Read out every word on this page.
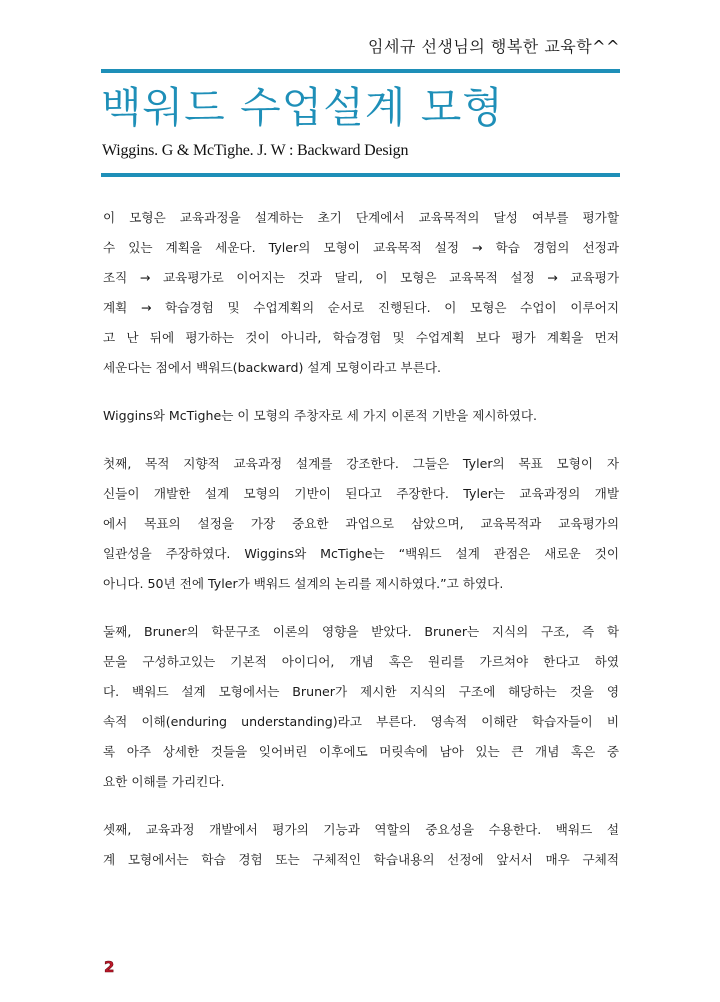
임세규 선생님의 행복한 교육학^^
백워드 수업설계 모형
Wiggins. G & McTighe. J. W : Backward Design
이 모형은 교육과정을 설계하는 초기 단계에서 교육목적의 달성 여부를 평가할
수 있는 계획을 세운다. Tyler의 모형이 교육목적 설정 → 학습 경험의 선정과
조직 → 교육평가로 이어지는 것과 달리, 이 모형은 교육목적 설정 → 교육평가
계획 → 학습경험 및 수업계획의 순서로 진행된다. 이 모형은 수업이 이루어지
고 난 뒤에 평가하는 것이 아니라, 학습경험 및 수업계획 보다 평가 계획을 먼저
세운다는 점에서 백워드(backward) 설계 모형이라고 부른다.
Wiggins와 McTighe는 이 모형의 주창자로 세 가지 이론적 기반을 제시하였다.
첫째, 목적 지향적 교육과정 설계를 강조한다. 그들은 Tyler의 목표 모형이 자
신들이 개발한 설계 모형의 기반이 된다고 주장한다. Tyler는 교육과정의 개발
에서 목표의 설정을 가장 중요한 과업으로 삼았으며, 교육목적과 교육평가의
일관성을 주장하였다. Wiggins와 McTighe는 “백워드 설계 관점은 새로운 것이
아니다. 50년 전에 Tyler가 백워드 설계의 논리를 제시하였다.”고 하였다.
둘째, Bruner의 학문구조 이론의 영향을 받았다. Bruner는 지식의 구조, 즉 학
문을 구성하고있는 기본적 아이디어, 개념 혹은 원리를 가르쳐야 한다고 하였
다. 백워드 설계 모형에서는 Bruner가 제시한 지식의 구조에 해당하는 것을 영
속적 이해(enduring understanding)라고 부른다. 영속적 이해란 학습자들이 비
록 아주 상세한 것들을 잊어버린 이후에도 머릿속에 남아 있는 큰 개념 혹은 중
요한 이해를 가리킨다.
셋째, 교육과정 개발에서 평가의 기능과 역할의 중요성을 수용한다. 백워드 설
계 모형에서는 학습 경험 또는 구체적인 학습내용의 선정에 앞서서 매우 구체적
2
